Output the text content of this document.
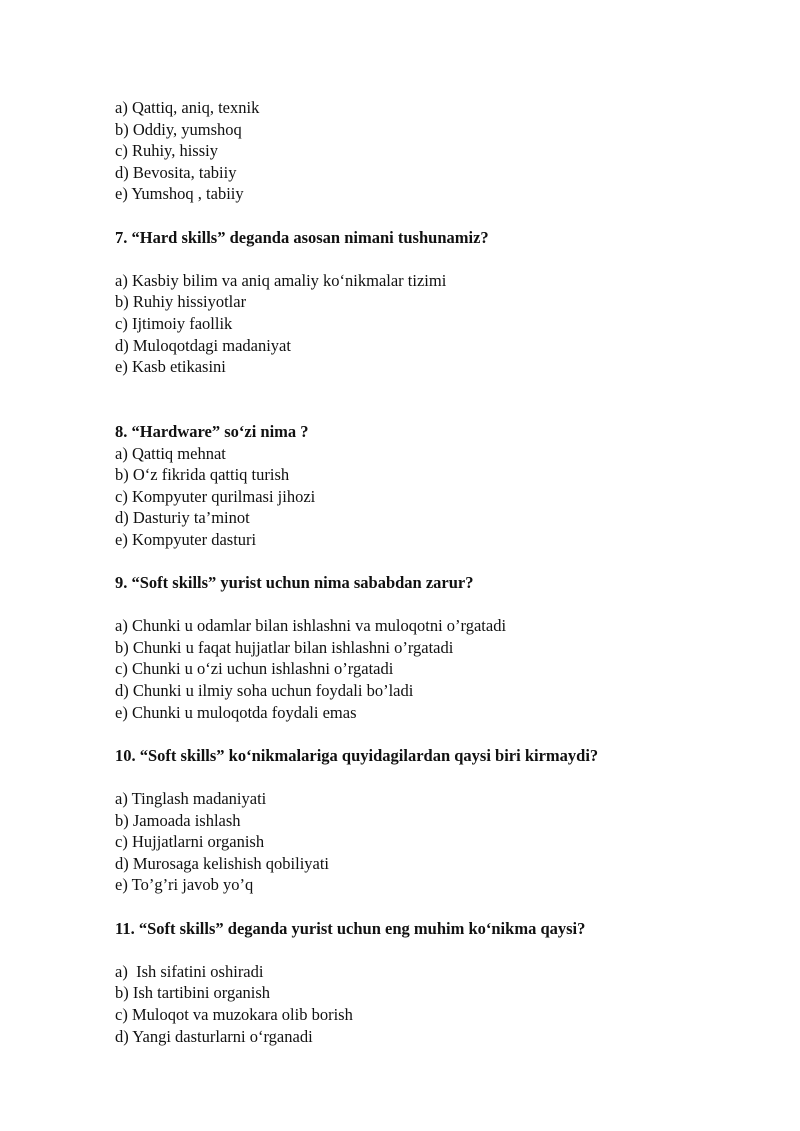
a) Qattiq, aniq, texnik
b) Oddiy, yumshoq
c) Ruhiy, hissiy
d) Bevosita, tabiiy
e) Yumshoq , tabiiy
7. “Hard skills” deganda asosan nimani tushunamiz?
a) Kasbiy bilim va aniq amaliy ko‘nikmalar tizimi
b) Ruhiy hissiyotlar
c) Ijtimoiy faollik
d) Muloqotdagi madaniyat
e) Kasb etikasini
8. “Hardware” so‘zi nima ?
a) Qattiq mehnat
b) O‘z fikrida qattiq turish
c) Kompyuter qurilmasi jihozi
d) Dasturiy ta’minot
e) Kompyuter dasturi
9. “Soft skills” yurist uchun nima sababdan zarur?
a) Chunki u odamlar bilan ishlashni va muloqotni o’rgatadi
b) Chunki u faqat hujjatlar bilan ishlashni o’rgatadi
c) Chunki u o‘zi uchun ishlashni o’rgatadi
d) Chunki u ilmiy soha uchun foydali bo’ladi
e) Chunki u muloqotda foydali emas
10. “Soft skills” ko‘nikmalariga quyidagilardan qaysi biri kirmaydi?
a) Tinglash madaniyati
b) Jamoada ishlash
c) Hujjatlarni organish
d) Murosaga kelishish qobiliyati
e) To’g’ri javob yo’q
11. “Soft skills” deganda yurist uchun eng muhim ko‘nikma qaysi?
a)  Ish sifatini oshiradi
b) Ish tartibini organish
c) Muloqot va muzokara olib borish
d) Yangi dasturlarni o‘rganadi
